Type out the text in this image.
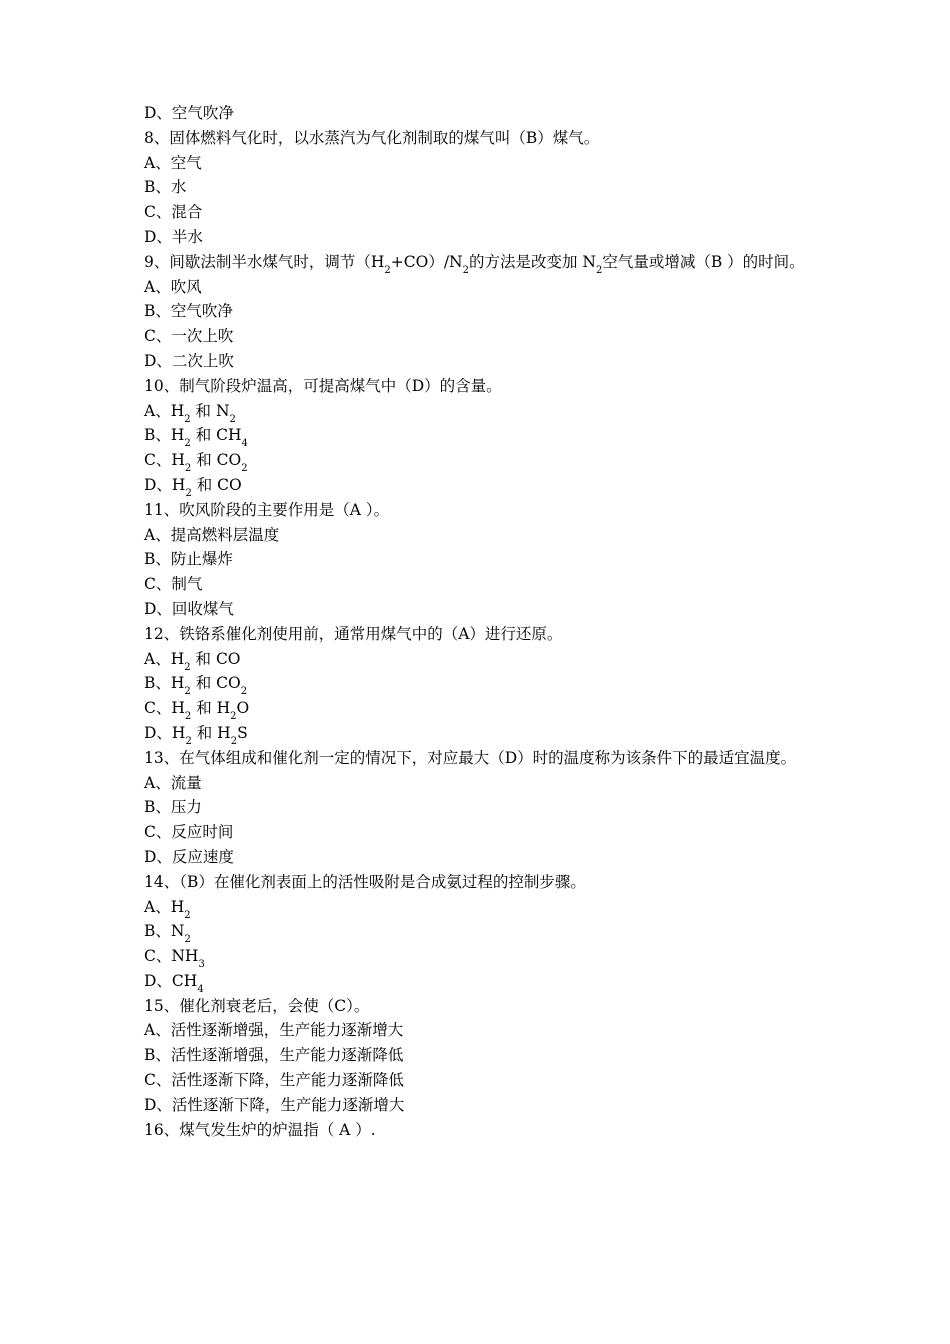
D、空气吹净
8、固体燃料气化时，以水蒸汽为气化剂制取的煤气叫（B）煤气。
A、空气
B、水
C、混合
D、半水
9、间歇法制半水煤气时，调节$(H_2+CO)/N_2$的方法是改变加 $N_2$空气量或增减（B ）的时间。
A、吹风
B、空气吹净
C、一次上吹
D、二次上吹
10、制气阶段炉温高，可提高煤气中（D）的含量。
A、$H_2$ 和 $N_2$
B、$H_2$ 和 $CH_4$
C、$H_2$ 和 $CO_2$
D、$H_2$ 和 CO
11、吹风阶段的主要作用是（A ）。
A、提高燃料层温度
B、防止爆炸
C、制气
D、回收煤气
12、铁铬系催化剂使用前，通常用煤气中的（A）进行还原。
A、$H_2$ 和 CO
B、$H_2$ 和 $CO_2$
C、$H_2$ 和 $H_2O$
D、$H_2$ 和 $H_2S$
13、在气体组成和催化剂一定的情况下，对应最大（D）时的温度称为该条件下的最适宜温度。
A、流量
B、压力
C、反应时间
D、反应速度
14、（B）在催化剂表面上的活性吸附是合成氨过程的控制步骤。
A、$H_2$
B、$N_2$
C、$NH_3$
D、$CH_4$
15、催化剂衰老后，会使（C）。
A、活性逐渐增强，生产能力逐渐增大
B、活性逐渐增强，生产能力逐渐降低
C、活性逐渐下降，生产能力逐渐降低
D、活性逐渐下降，生产能力逐渐增大
16、煤气发生炉的炉温指（ A ）.
